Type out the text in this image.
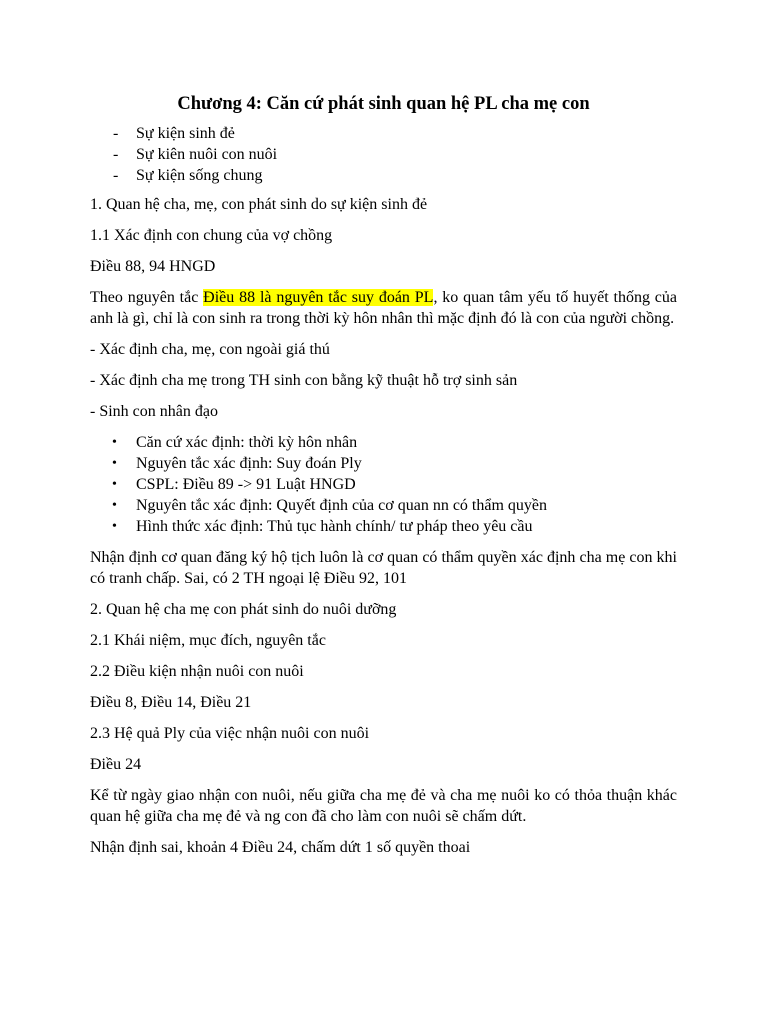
Chương 4: Căn cứ phát sinh quan hệ PL cha mẹ con
- Sự kiện sinh đẻ
- Sự kiên nuôi con nuôi
- Sự kiện sống chung

1. Quan hệ cha, mẹ, con phát sinh do sự kiện sinh đẻ

1.1 Xác định con chung của vợ chồng

Điều 88, 94 HNGD

Theo nguyên tắc Điều 88 là nguyên tắc suy đoán PL, ko quan tâm yếu tố huyết thống của anh là gì, chỉ là con sinh ra trong thời kỳ hôn nhân thì mặc định đó là con của người chồng.

- Xác định cha, mẹ, con ngoài giá thú

- Xác định cha mẹ trong TH sinh con bằng kỹ thuật hỗ trợ sinh sản

- Sinh con nhân đạo

• Căn cứ xác định: thời kỳ hôn nhân
• Nguyên tắc xác định: Suy đoán Ply
• CSPL: Điều 89 -> 91 Luật HNGD
• Nguyên tắc xác định: Quyết định của cơ quan nn có thẩm quyền
• Hình thức xác định: Thủ tục hành chính/ tư pháp theo yêu cầu

Nhận định cơ quan đăng ký hộ tịch luôn là cơ quan có thẩm quyền xác định cha mẹ con khi có tranh chấp. Sai, có 2 TH ngoại lệ Điều 92, 101

2. Quan hệ cha mẹ con phát sinh do nuôi dưỡng

2.1 Khái niệm, mục đích, nguyên tắc

2.2 Điều kiện nhận nuôi con nuôi

Điều 8, Điều 14, Điều 21

2.3 Hệ quả Ply của việc nhận nuôi con nuôi

Điều 24

Kể từ ngày giao nhận con nuôi, nếu giữa cha mẹ đẻ và cha mẹ nuôi ko có thỏa thuận khác quan hệ giữa cha mẹ đẻ và ng con đã cho làm con nuôi sẽ chấm dứt.

Nhận định sai, khoản 4 Điều 24, chấm dứt 1 số quyền thoai
